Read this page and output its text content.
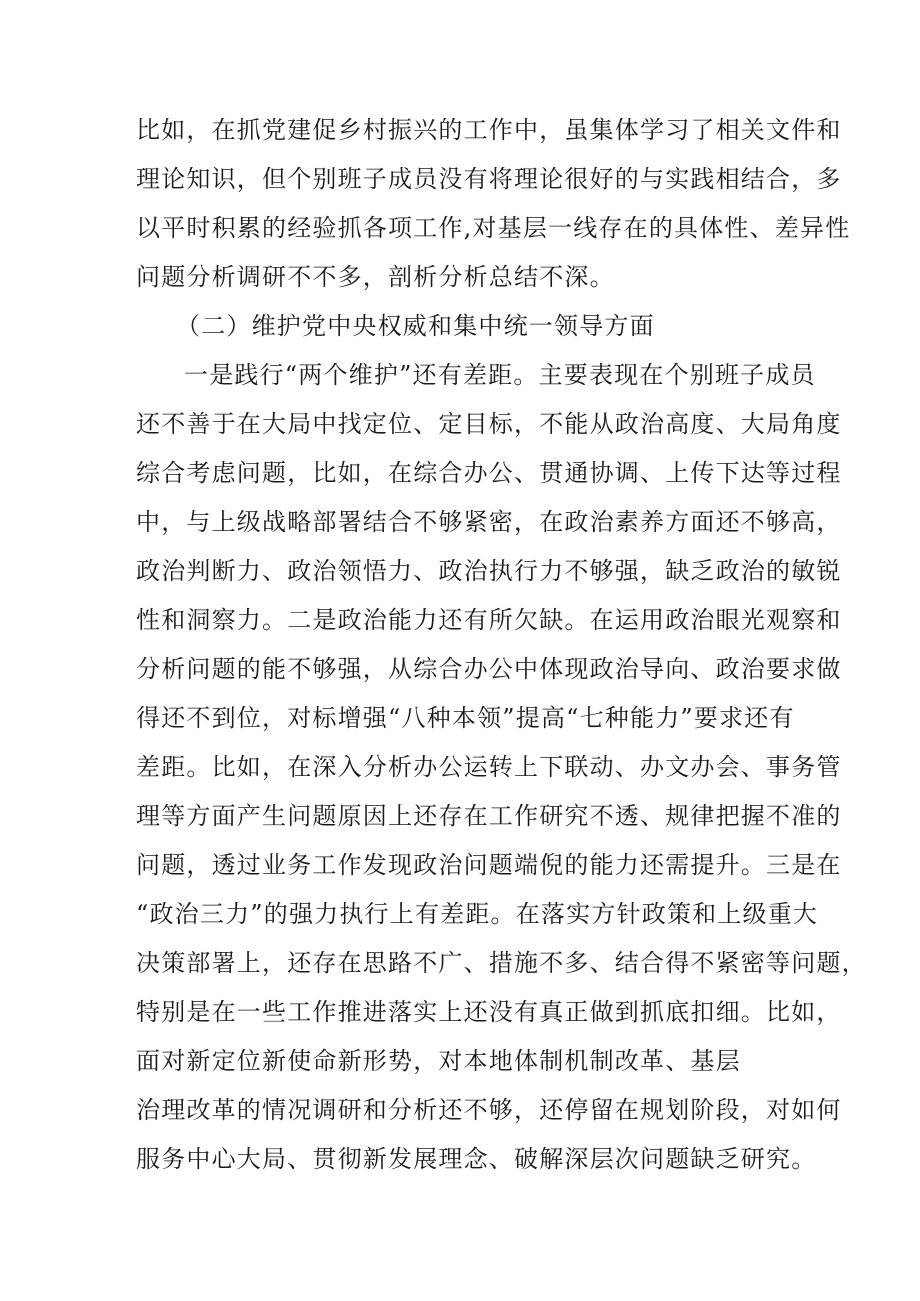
比如，在抓党建促乡村振兴的工作中，虽集体学习了相关文件和

理论知识，但个别班子成员没有将理论很好的与实践相结合，多

以平时积累的经验抓各项工作,对基层一线存在的具体性、差异性

问题分析调研不不多，剖析分析总结不深。

（二）维护党中央权威和集中统一领导方面

一是践行“两个维护”还有差距。主要表现在个别班子成员

还不善于在大局中找定位、定目标，不能从政治高度、大局角度

综合考虑问题，比如，在综合办公、贯通协调、上传下达等过程

中，与上级战略部署结合不够紧密，在政治素养方面还不够高，

政治判断力、政治领悟力、政治执行力不够强，缺乏政治的敏锐

性和洞察力。二是政治能力还有所欠缺。在运用政治眼光观察和

分析问题的能不够强，从综合办公中体现政治导向、政治要求做

得还不到位，对标增强“八种本领”提高“七种能力”要求还有

差距。比如，在深入分析办公运转上下联动、办文办会、事务管

理等方面产生问题原因上还存在工作研究不透、规律把握不准的

问题，透过业务工作发现政治问题端倪的能力还需提升。三是在

“政治三力”的强力执行上有差距。在落实方针政策和上级重大

决策部署上，还存在思路不广、措施不多、结合得不紧密等问题，

特别是在一些工作推进落实上还没有真正做到抓底扣细。比如，

面对新定位新使命新形势，对本地体制机制改革、基层

治理改革的情况调研和分析还不够，还停留在规划阶段，对如何

服务中心大局、贯彻新发展理念、破解深层次问题缺乏研究。
